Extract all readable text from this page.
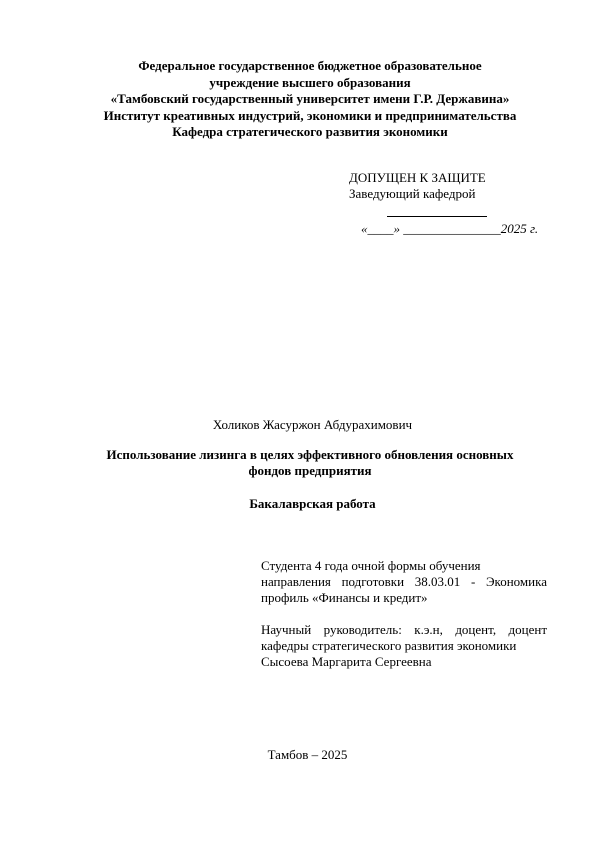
Федеральное государственное бюджетное образовательное
учреждение высшего образования
«Тамбовский государственный университет имени Г.Р. Державина»
Институт креативных индустрий, экономики и предпринимательства
Кафедра стратегического развития экономики
ДОПУЩЕН К ЗАЩИТЕ
Заведующий кафедрой
«____» _______________2025 г.
Холиков Жасуржон Абдурахимович
Использование лизинга в целях эффективного обновления основных
фондов предприятия
Бакалаврская работа
Студента 4 года очной формы обучения
направления подготовки 38.03.01 - Экономика
профиль «Финансы и кредит»
Научный руководитель: к.э.н, доцент, доцент
кафедры стратегического развития экономики
Сысоева Маргарита Сергеевна
Тамбов – 2025
